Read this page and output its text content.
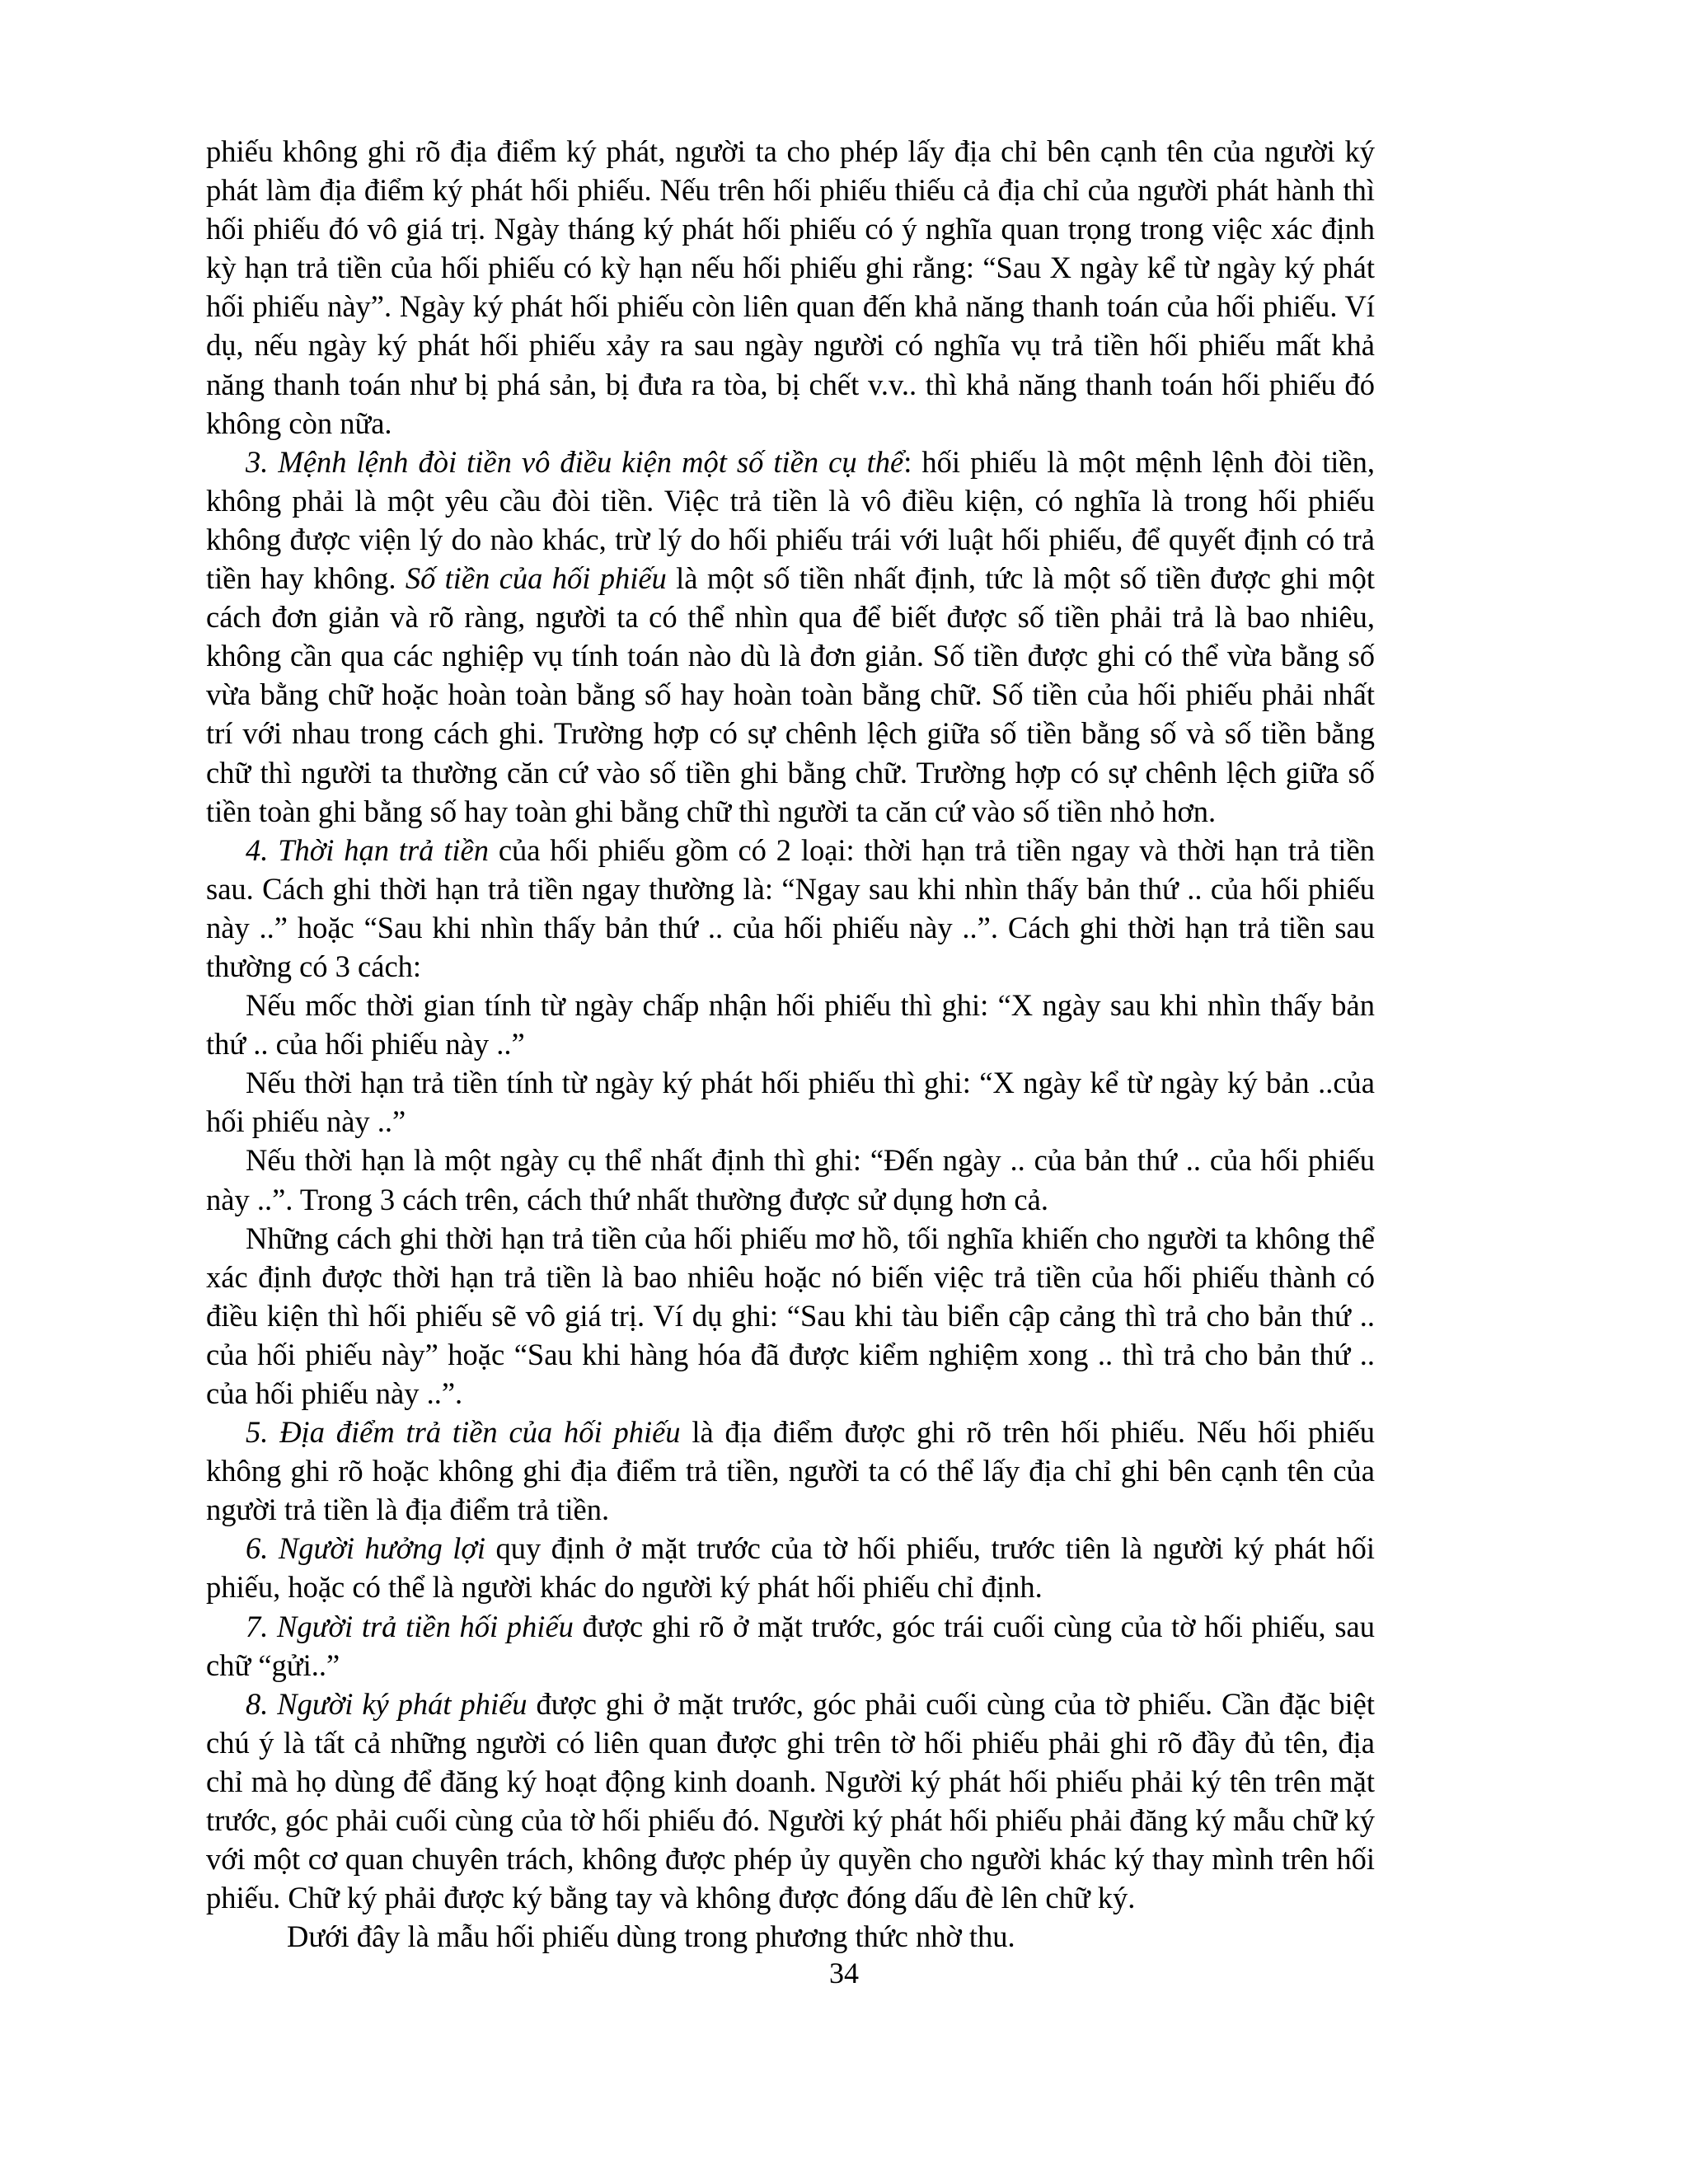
phiếu không ghi rõ địa điểm ký phát, người ta cho phép lấy địa chỉ bên cạnh tên của người ký phát làm địa điểm ký phát hối phiếu. Nếu trên hối phiếu thiếu cả địa chỉ của người phát hành thì hối phiếu đó vô giá trị. Ngày tháng ký phát hối phiếu có ý nghĩa quan trọng trong việc xác định kỳ hạn trả tiền của hối phiếu có kỳ hạn nếu hối phiếu ghi rằng: “Sau X ngày kể từ ngày ký phát hối phiếu này”. Ngày ký phát hối phiếu còn liên quan đến khả năng thanh toán của hối phiếu. Ví dụ, nếu ngày ký phát hối phiếu xảy ra sau ngày người có nghĩa vụ trả tiền hối phiếu mất khả năng thanh toán như bị phá sản, bị đưa ra tòa, bị chết v.v.. thì khả năng thanh toán hối phiếu đó không còn nữa.

3. Mệnh lệnh đòi tiền vô điều kiện một số tiền cụ thể: hối phiếu là một mệnh lệnh đòi tiền, không phải là một yêu cầu đòi tiền. Việc trả tiền là vô điều kiện, có nghĩa là trong hối phiếu không được viện lý do nào khác, trừ lý do hối phiếu trái với luật hối phiếu, để quyết định có trả tiền hay không. Số tiền của hối phiếu là một số tiền nhất định, tức là một số tiền được ghi một cách đơn giản và rõ ràng, người ta có thể nhìn qua để biết được số tiền phải trả là bao nhiêu, không cần qua các nghiệp vụ tính toán nào dù là đơn giản. Số tiền được ghi có thể vừa bằng số vừa bằng chữ hoặc hoàn toàn bằng số hay hoàn toàn bằng chữ. Số tiền của hối phiếu phải nhất trí với nhau trong cách ghi. Trường hợp có sự chênh lệch giữa số tiền bằng số và số tiền bằng chữ thì người ta thường căn cứ vào số tiền ghi bằng chữ. Trường hợp có sự chênh lệch giữa số tiền toàn ghi bằng số hay toàn ghi bằng chữ thì người ta căn cứ vào số tiền nhỏ hơn.

4. Thời hạn trả tiền của hối phiếu gồm có 2 loại: thời hạn trả tiền ngay và thời hạn trả tiền sau. Cách ghi thời hạn trả tiền ngay thường là: “Ngay sau khi nhìn thấy bản thứ .. của hối phiếu này ..” hoặc “Sau khi nhìn thấy bản thứ .. của hối phiếu này ..”. Cách ghi thời hạn trả tiền sau thường có 3 cách:

Nếu mốc thời gian tính từ ngày chấp nhận hối phiếu thì ghi: “X ngày sau khi nhìn thấy bản thứ .. của hối phiếu này ..”

Nếu thời hạn trả tiền tính từ ngày ký phát hối phiếu thì ghi: “X ngày kể từ ngày ký bản ..của hối phiếu này ..”

Nếu thời hạn là một ngày cụ thể nhất định thì ghi: “Đến ngày .. của bản thứ .. của hối phiếu này ..”. Trong 3 cách trên, cách thứ nhất thường được sử dụng hơn cả.

Những cách ghi thời hạn trả tiền của hối phiếu mơ hồ, tối nghĩa khiến cho người ta không thể xác định được thời hạn trả tiền là bao nhiêu hoặc nó biến việc trả tiền của hối phiếu thành có điều kiện thì hối phiếu sẽ vô giá trị. Ví dụ ghi: “Sau khi tàu biển cập cảng thì trả cho bản thứ .. của hối phiếu này” hoặc “Sau khi hàng hóa đã được kiểm nghiệm xong .. thì trả cho bản thứ .. của hối phiếu này ..”.

5. Địa điểm trả tiền của hối phiếu là địa điểm được ghi rõ trên hối phiếu. Nếu hối phiếu không ghi rõ hoặc không ghi địa điểm trả tiền, người ta có thể lấy địa chỉ ghi bên cạnh tên của người trả tiền là địa điểm trả tiền.

6. Người hưởng lợi quy định ở mặt trước của tờ hối phiếu, trước tiên là người ký phát hối phiếu, hoặc có thể là người khác do người ký phát hối phiếu chỉ định.

7. Người trả tiền hối phiếu được ghi rõ ở mặt trước, góc trái cuối cùng của tờ hối phiếu, sau chữ “gửi..”

8. Người ký phát phiếu được ghi ở mặt trước, góc phải cuối cùng của tờ phiếu. Cần đặc biệt chú ý là tất cả những người có liên quan được ghi trên tờ hối phiếu phải ghi rõ đầy đủ tên, địa chỉ mà họ dùng để đăng ký hoạt động kinh doanh. Người ký phát hối phiếu phải ký tên trên mặt trước, góc phải cuối cùng của tờ hối phiếu đó. Người ký phát hối phiếu phải đăng ký mẫu chữ ký với một cơ quan chuyên trách, không được phép ủy quyền cho người khác ký thay mình trên hối phiếu. Chữ ký phải được ký bằng tay và không được đóng dấu đè lên chữ ký.

Dưới đây là mẫu hối phiếu dùng trong phương thức nhờ thu.

34
